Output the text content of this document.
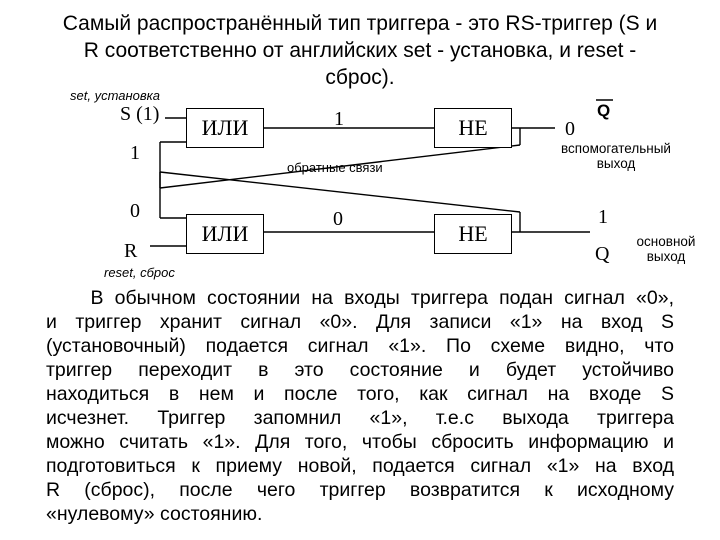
Самый распространённый тип триггера - это RS-триггер (S и
R соответственно от английских set - установка, и reset -
сброс).
set, установка
S (1)
1
0
R
reset, сброс
ИЛИ
ИЛИ
НЕ
НЕ
1
0
обратные связи
0
Q
вспомогательный
выход
1
Q
основной
выход
В обычном состоянии на входы триггера подан сигнал «0»,
и триггер хранит сигнал «0». Для записи «1» на вход S
(установочный) подается сигнал «1». По схеме видно, что
триггер переходит в это состояние и будет устойчиво
находиться в нем и после того, как сигнал на входе S
исчезнет. Триггер запомнил «1», т.е.с выхода триггера
можно считать «1». Для того, чтобы сбросить информацию и
подготовиться к приему новой, подается сигнал «1» на вход
R (сброс), после чего триггер возвратится к исходному
«нулевому» состоянию.
